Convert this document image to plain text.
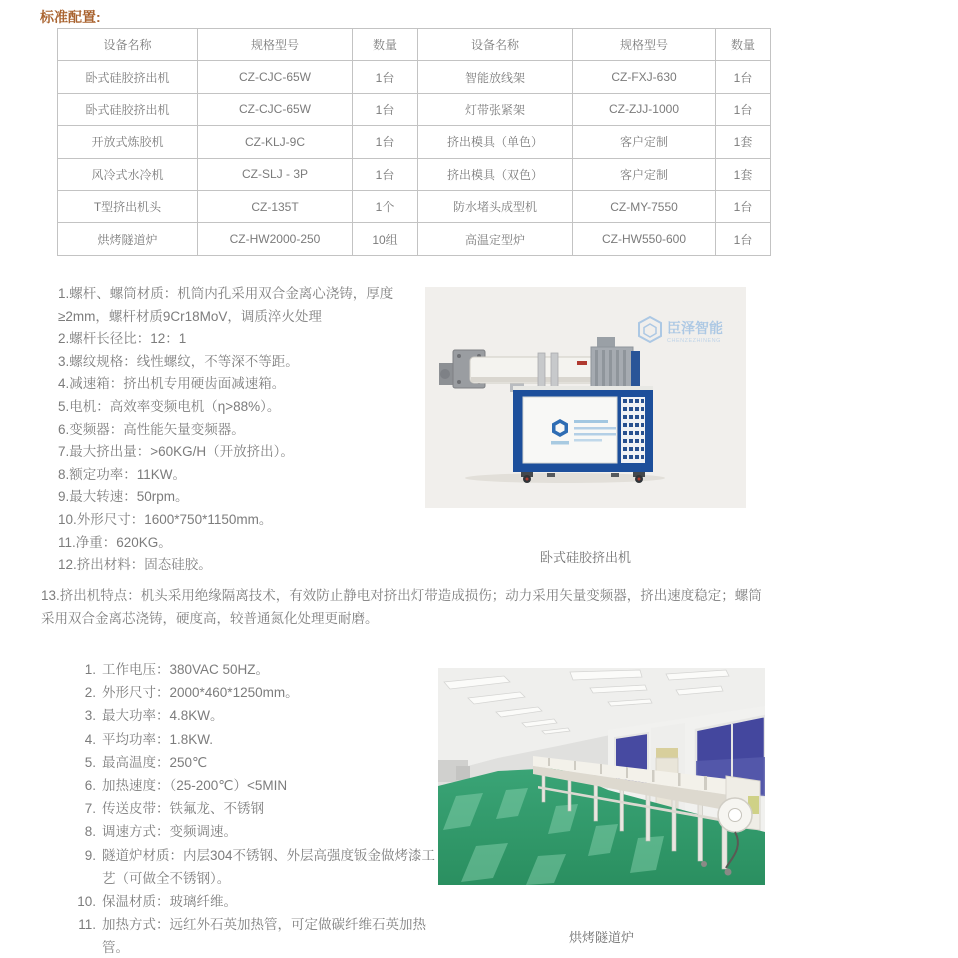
标准配置:
设备名称	规格型号	数量	设备名称	规格型号	数量
卧式硅胶挤出机	CZ-CJC-65W	1台	智能放线架	CZ-FXJ-630	1台
卧式硅胶挤出机	CZ-CJC-65W	1台	灯带张紧架	CZ-ZJJ-1000	1台
开放式炼胶机	CZ-KLJ-9C	1台	挤出模具（单色）	客户定制	1套
风冷式水冷机	CZ-SLJ - 3P	1台	挤出模具（双色）	客户定制	1套
T型挤出机头	CZ-135T	1个	防水堵头成型机	CZ-MY-7550	1台
烘烤隧道炉	CZ-HW2000-250	10组	高温定型炉	CZ-HW550-600	1台
1.螺杆、螺筒材质：机筒内孔采用双合金离心浇铸，厚度≥2mm，螺杆材质9Cr18MoV，调质淬火处理
2.螺杆长径比：12：1
3.螺纹规格：线性螺纹，不等深不等距。
4.减速箱：挤出机专用硬齿面减速箱。
5.电机：高效率变频电机（η>88%）。
6.变频器：高性能矢量变频器。
7.最大挤出量：>60KG/H（开放挤出）。
8.额定功率：11KW。
9.最大转速：50rpm。
10.外形尺寸：1600*750*1150mm。
11.净重：620KG。
12.挤出材料：固态硅胶。
臣泽智能
CHENZEZHINENG
卧式硅胶挤出机
13.挤出机特点：机头采用绝缘隔离技术，有效防止静电对挤出灯带造成损伤；动力采用矢量变频器，挤出速度稳定；螺筒采用双合金离芯浇铸，硬度高，较普通氮化处理更耐磨。
1. 工作电压：380VAC 50HZ。
2. 外形尺寸：2000*460*1250mm。
3. 最大功率：4.8KW。
4. 平均功率：1.8KW.
5. 最高温度：250℃
6. 加热速度：（25-200℃）<5MIN
7. 传送皮带：铁氟龙、不锈钢
8. 调速方式：变频调速。
9. 隧道炉材质：内层304不锈钢、外层高强度钣金做烤漆工艺（可做全不锈钢）。
10. 保温材质：玻璃纤维。
11. 加热方式：远红外石英加热管，可定做碳纤维石英加热管。
烘烤隧道炉
